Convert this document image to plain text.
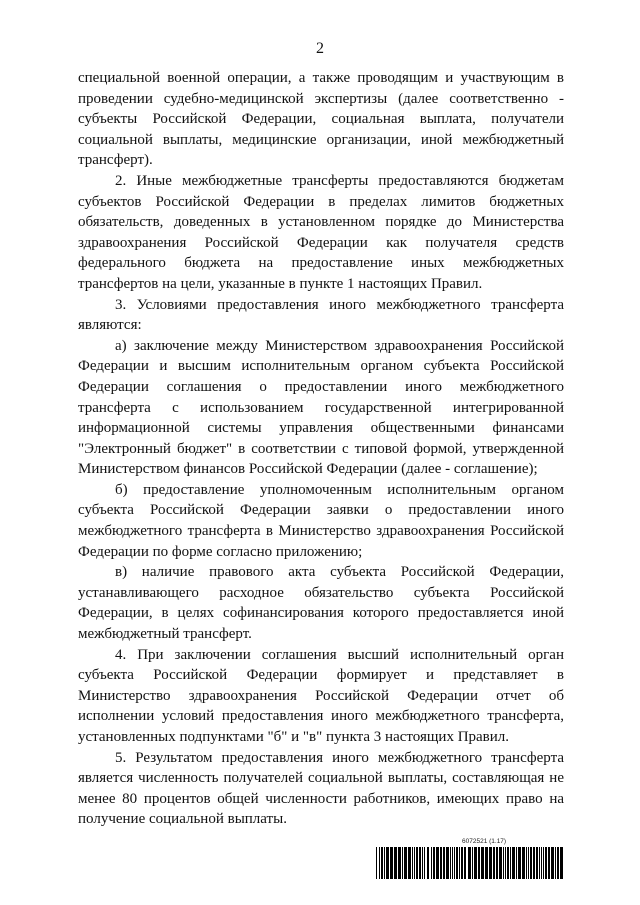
2

специальной военной операции, а также проводящим и участвующим в проведении судебно-медицинской экспертизы (далее соответственно - субъекты Российской Федерации, социальная выплата, получатели социальной выплаты, медицинские организации, иной межбюджетный трансферт).

2. Иные межбюджетные трансферты предоставляются бюджетам субъектов Российской Федерации в пределах лимитов бюджетных обязательств, доведенных в установленном порядке до Министерства здравоохранения Российской Федерации как получателя средств федерального бюджета на предоставление иных межбюджетных трансфертов на цели, указанные в пункте 1 настоящих Правил.

3. Условиями предоставления иного межбюджетного трансферта являются:

а) заключение между Министерством здравоохранения Российской Федерации и высшим исполнительным органом субъекта Российской Федерации соглашения о предоставлении иного межбюджетного трансферта с использованием государственной интегрированной информационной системы управления общественными финансами "Электронный бюджет" в соответствии с типовой формой, утвержденной Министерством финансов Российской Федерации (далее - соглашение);

б) предоставление уполномоченным исполнительным органом субъекта Российской Федерации заявки о предоставлении иного межбюджетного трансферта в Министерство здравоохранения Российской Федерации по форме согласно приложению;

в) наличие правового акта субъекта Российской Федерации, устанавливающего расходное обязательство субъекта Российской Федерации, в целях софинансирования которого предоставляется иной межбюджетный трансферт.

4. При заключении соглашения высший исполнительный орган субъекта Российской Федерации формирует и представляет в Министерство здравоохранения Российской Федерации отчет об исполнении условий предоставления иного межбюджетного трансферта, установленных подпунктами "б" и "в" пункта 3 настоящих Правил.

5. Результатом предоставления иного межбюджетного трансферта является численность получателей социальной выплаты, составляющая не менее 80 процентов общей численности работников, имеющих право на получение социальной выплаты.

6072521 (1.17)
